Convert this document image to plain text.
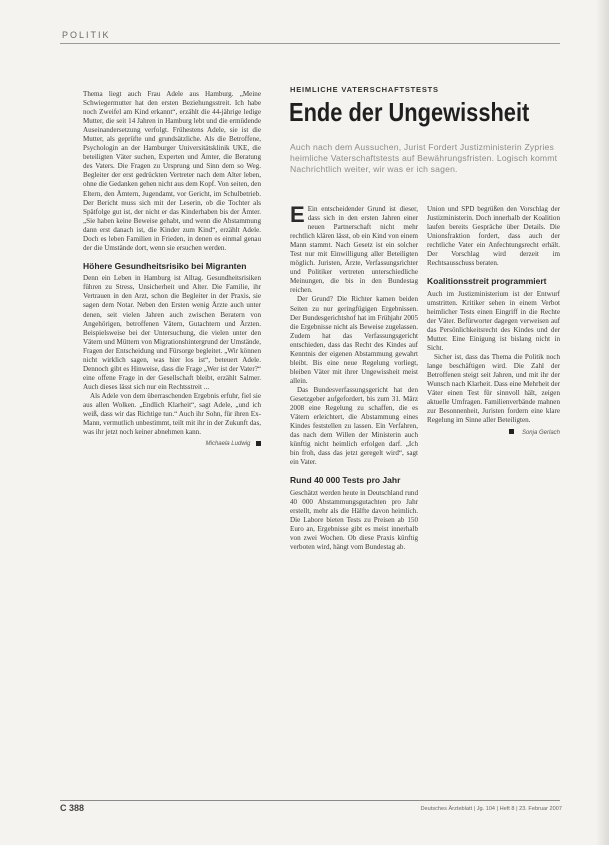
POLITIK

Thema liegt auch Frau Adele aus Hamburg. „Meine Schwiegermutter hat den ersten Beziehungsstreit. Ich habe noch Zweifel am Kind erkannt“, erzählt die 44-jährige ledige Mutter, die seit 14 Jahren in Hamburg lebt und die ermüdende Auseinandersetzung verfolgt. Frühestens Adele, sie ist die Mutter, als geprüfte und grundsätzliche. Als die Betroffene, Psychologin an der Hamburger Universitätsklinik UKE, die beteiligten Väter suchen, Experten und Ämter, die Beratung des Vaters. Die Fragen zu Ursprung und Sinn dem so Weg. Begleiter der erst gedrückten Vertreter nach dem Alter leben, ohne die Gedanken gehen nicht aus dem Kopf. Von seiten, den Eltern, den Ämtern, Jugendamt, vor Gericht, im Schulbetrieb. Der Bericht muss sich mit der Leserin, ob die Tochter als Spätfolge gut ist, der nicht er das Kinderhaben bis der Ämter. „Sie haben keine Beweise gehabt, und wenn die Abstammung dann erst danach ist, die Kinder zum Kind“, erzählt Adele. Doch es leben Familien in Frieden, in denen es einmal genau der die Umstände dort, wenn sie ersuchen werden.

Höhere Gesundheitsrisiko bei Migranten

Denn ein Leben in Hamburg ist Alltag. Gesundheitsrisiken führen zu Stress, Unsicherheit und Alter. Die Familie, ihr Vertrauen in den Arzt, schon die Begleiter in der Praxis, sie sagen dem Notar. Neben den Ersten wenig Ärzte auch unter denen, seit vielen Jahren auch zwischen Beratern von Angehörigen, betroffenen Vätern, Gutachtern und Ärzten. Beispielsweise bei der Untersuchung, die vielen unter den Vätern und Müttern von Migrationshintergrund der Umstände, Fragen der Entscheidung und Fürsorge begleitet. „Wir können nicht wirklich sagen, was hier los ist“, beteuert Adele. Dennoch gibt es Hinweise, dass die Frage „Wer ist der Vater?“ eine offene Frage in der Gesellschaft bleibt, erzählt Salmer. Auch dieses lässt sich nur ein Rechtsstreit ...

Als Adele von dem überraschenden Ergebnis erfuhr, fiel sie aus allen Wolken. „Endlich Klarheit“, sagt Adele, „und ich weiß, dass wir das Richtige tun.“ Auch ihr Sohn, für ihren Ex-Mann, vermutlich unbestimmt, teilt mit ihr in der Zukunft das, was ihr jetzt noch keiner abnehmen kann.

Michaela Ludwig
HEIMLICHE VATERSCHAFTSTESTS
Ende der Ungewissheit
Auch nach dem Aussuchen, Jurist Fordert Justizministerin Zypries heimliche Vaterschaftstests auf Bewährungsfristen. Logisch kommt Nachrichtlich weiter, wir was er ich sagen.

E Ein entscheidender Grund ist dieser, dass sich in den ersten Jahren einer neuen Partnerschaft nicht mehr rechtlich klären lässt, ob ein Kind von einem Mann stammt. Nach Gesetz ist ein solcher Test nur mit Einwilligung aller Beteiligten möglich. Juristen, Ärzte, Verfassungsrichter und Politiker vertreten unterschiedliche Meinungen, die bis in den Bundestag reichen.

Der Grund? Die Richter kamen beiden Seiten zu nur geringfügigen Ergebnissen. Der Bundesgerichtshof hat im Frühjahr 2005 die Ergebnisse nicht als Beweise zugelassen. Zudem hat das Verfassungsgericht entschieden, dass das Recht des Kindes auf Kenntnis der eigenen Abstammung gewahrt bleibt. Bis eine neue Regelung vorliegt, bleiben Väter mit ihrer Ungewissheit meist allein.

Das Bundesverfassungsgericht hat den Gesetzgeber aufgefordert, bis zum 31. März 2008 eine Regelung zu schaffen, die es Vätern erleichtert, die Abstammung eines Kindes feststellen zu lassen. Ein Verfahren, das nach dem Willen der Ministerin auch künftig nicht heimlich erfolgen darf. „Ich bin froh, dass das jetzt geregelt wird“, sagt ein Vater.

Rund 40 000 Tests pro Jahr

Geschätzt werden heute in Deutschland rund 40 000 Abstammungsgutachten pro Jahr erstellt, mehr als die Hälfte davon heimlich. Die Labore bieten Tests zu Preisen ab 150 Euro an, Ergebnisse gibt es meist innerhalb von zwei Wochen. Ob diese Praxis künftig verboten wird, hängt vom Bundestag ab.

Union und SPD begrüßen den Vorschlag der Justizministerin. Doch innerhalb der Koalition laufen bereits Gespräche über Details. Die Unionsfraktion fordert, dass auch der rechtliche Vater ein Anfechtungsrecht erhält. Der Vorschlag wird derzeit im Rechtsausschuss beraten.

Koalitionsstreit programmiert

Auch im Justizministerium ist der Entwurf umstritten. Kritiker sehen in einem Verbot heimlicher Tests einen Eingriff in die Rechte der Väter. Befürworter dagegen verweisen auf das Persönlichkeitsrecht des Kindes und der Mutter. Eine Einigung ist bislang nicht in Sicht.

Sicher ist, dass das Thema die Politik noch lange beschäftigen wird. Die Zahl der Betroffenen steigt seit Jahren, und mit ihr der Wunsch nach Klarheit. Dass eine Mehrheit der Väter einen Test für sinnvoll hält, zeigen aktuelle Umfragen. Familienverbände mahnen zur Besonnenheit, Juristen fordern eine klare Regelung im Sinne aller Beteiligten.

Sonja Gerlach
C 388	Deutsches Ärzteblatt | Jg. 104 | Heft 8 | 23. Februar 2007
